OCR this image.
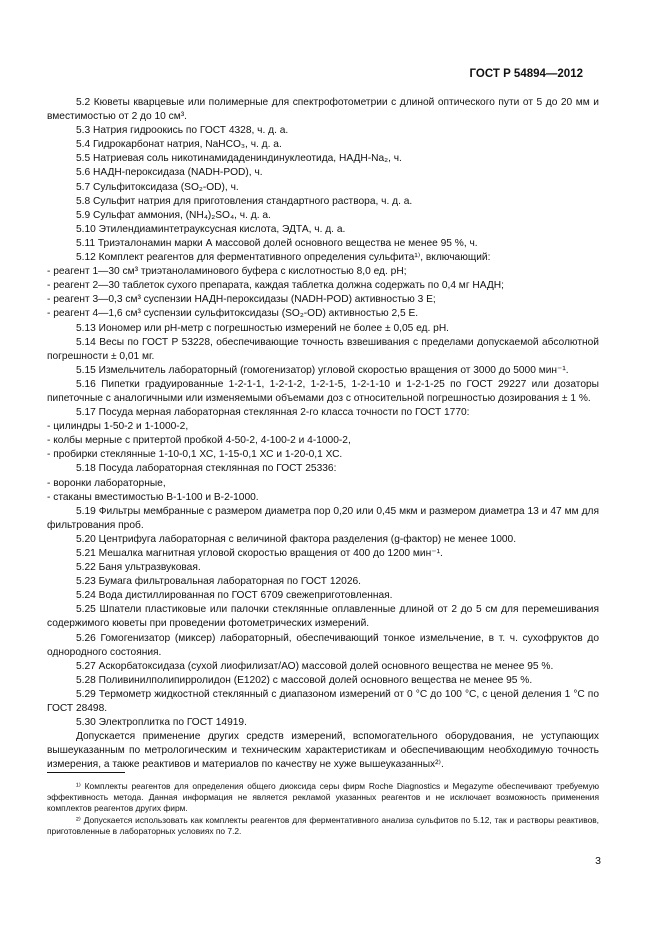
ГОСТ Р 54894—2012

5.2 Кюветы кварцевые или полимерные для спектрофотометрии с длиной оптического пути от 5 до 20 мм и вместимостью от 2 до 10 см³.

5.3 Натрия гидроокись по ГОСТ 4328, ч. д. а.

5.4 Гидрокарбонат натрия, NaHCO₃, ч. д. а.

5.5 Натриевая соль никотинамидадениндинуклеотида, НАДН-Na₂, ч.

5.6 НАДН-пероксидаза (NADH-POD), ч.

5.7 Сульфитоксидаза (SO₂-OD), ч.

5.8 Сульфит натрия для приготовления стандартного раствора, ч. д. а.

5.9 Сульфат аммония, (NH₄)₂SO₄, ч. д. а.

5.10 Этилендиаминтетрауксусная кислота, ЭДТА, ч. д. а.

5.11 Триэталонамин марки А массовой долей основного вещества не менее 95 %, ч.

5.12 Комплект реагентов для ферментативного определения сульфита¹⁾, включающий:

- реагент 1—30 см³ триэтаноламинового буфера с кислотностью 8,0 ед. pH;

- реагент 2—30 таблеток сухого препарата, каждая таблетка должна содержать по 0,4 мг НАДН;

- реагент 3—0,3 см³ суспензии НАДН-пероксидазы (NADH-POD) активностью 3 Е;

- реагент 4—1,6 см³ суспензии сульфитоксидазы (SO₂-OD) активностью 2,5 Е.

5.13 Иономер или pH-метр с погрешностью измерений не более ± 0,05 ед. pH.

5.14 Весы по ГОСТ Р 53228, обеспечивающие точность взвешивания с пределами допускаемой абсолютной погрешности ± 0,01 мг.

5.15 Измельчитель лабораторный (гомогенизатор) угловой скоростью вращения от 3000 до 5000 мин⁻¹.

5.16 Пипетки градуированные 1-2-1-1, 1-2-1-2, 1-2-1-5, 1-2-1-10 и 1-2-1-25 по ГОСТ 29227 или дозаторы пипеточные с аналогичными или изменяемыми объемами доз с относительной погрешностью дозирования ± 1 %.

5.17 Посуда мерная лабораторная стеклянная 2-го класса точности по ГОСТ 1770:

- цилиндры 1-50-2 и 1-1000-2,

- колбы мерные с притертой пробкой 4-50-2, 4-100-2 и 4-1000-2,

- пробирки стеклянные 1-10-0,1 ХС, 1-15-0,1 ХС и 1-20-0,1 ХС.

5.18 Посуда лабораторная стеклянная по ГОСТ 25336:

- воронки лабораторные,

- стаканы вместимостью В-1-100 и В-2-1000.

5.19 Фильтры мембранные с размером диаметра пор 0,20 или 0,45 мкм и размером диаметра 13 и 47 мм для фильтрования проб.

5.20 Центрифуга лабораторная с величиной фактора разделения (g-фактор) не менее 1000.

5.21 Мешалка магнитная угловой скоростью вращения от 400 до 1200 мин⁻¹.

5.22 Баня ультразвуковая.

5.23 Бумага фильтровальная лабораторная по ГОСТ 12026.

5.24 Вода дистиллированная по ГОСТ 6709 свежеприготовленная.

5.25 Шпатели пластиковые или палочки стеклянные оплавленные длиной от 2 до 5 см для перемешивания содержимого кюветы при проведении фотометрических измерений.

5.26 Гомогенизатор (миксер) лабораторный, обеспечивающий тонкое измельчение, в т. ч. сухофруктов до однородного состояния.

5.27 Аскорбатоксидаза (сухой лиофилизат/АО) массовой долей основного вещества не менее 95 %.

5.28 Поливинилполипирролидон (Е1202) с массовой долей основного вещества не менее 95 %.

5.29 Термометр жидкостной стеклянный с диапазоном измерений от 0 °C до 100 °C, с ценой деления 1 °C по ГОСТ 28498.

5.30 Электроплитка по ГОСТ 14919.

Допускается применение других средств измерений, вспомогательного оборудования, не уступающих вышеуказанным по метрологическим и техническим характеристикам и обеспечивающим необходимую точность измерения, а также реактивов и материалов по качеству не хуже вышеуказанных²⁾.

¹⁾ Комплекты реагентов для определения общего диоксида серы фирм Roche Diagnostics и Megazyme обеспечивают требуемую эффективность метода. Данная информация не является рекламой указанных реагентов и не исключает возможность применения комплектов реагентов других фирм.

²⁾ Допускается использовать как комплекты реагентов для ферментативного анализа сульфитов по 5.12, так и растворы реактивов, приготовленные в лабораторных условиях по 7.2.

3
